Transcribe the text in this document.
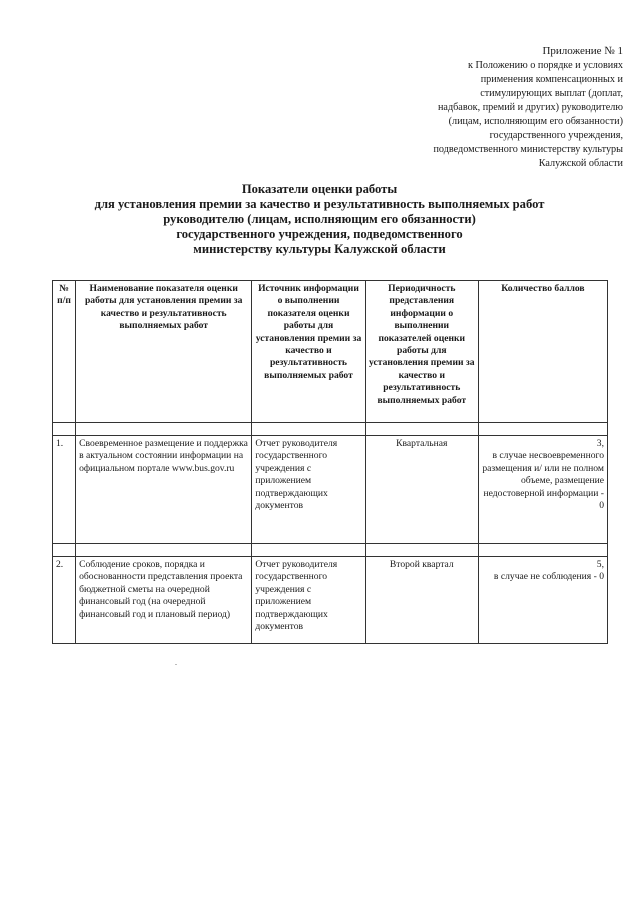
Приложение № 1
к Положению о порядке и условиях
применения компенсационных и
стимулирующих выплат (доплат,
надбавок, премий и других) руководителю
(лицам, исполняющим его обязанности)
государственного учреждения,
подведомственного министерству культуры
Калужской области
Показатели оценки работы
для установления премии за качество и результативность выполняемых работ
руководителю (лицам, исполняющим его обязанности)
государственного учреждения, подведомственного
министерству культуры Калужской области
№ п/п	Наименование показателя оценки работы для установления премии за качество и результативность выполняемых работ	Источник информации о выполнении показателя оценки работы для установления премии за качество и результативность выполняемых работ	Периодичность представления информации о выполнении показателей оценки работы для установления премии за качество и результативность выполняемых работ	Количество баллов

1.	Своевременное размещение и поддержка в актуальном состоянии информации на официальном портале www.bus.gov.ru	Отчет руководителя государственного учреждения с приложением подтверждающих документов	Квартальная	3,
в случае несвоевременного размещения и/ или не полном объеме, размещение недостоверной информации - 0

2.	Соблюдение сроков, порядка и обоснованности представления проекта бюджетной сметы на очередной финансовый год (на очередной финансовый год и плановый период)	Отчет руководителя государственного учреждения с приложением подтверждающих документов	Второй квартал	5,
в случае не соблюдения - 0
